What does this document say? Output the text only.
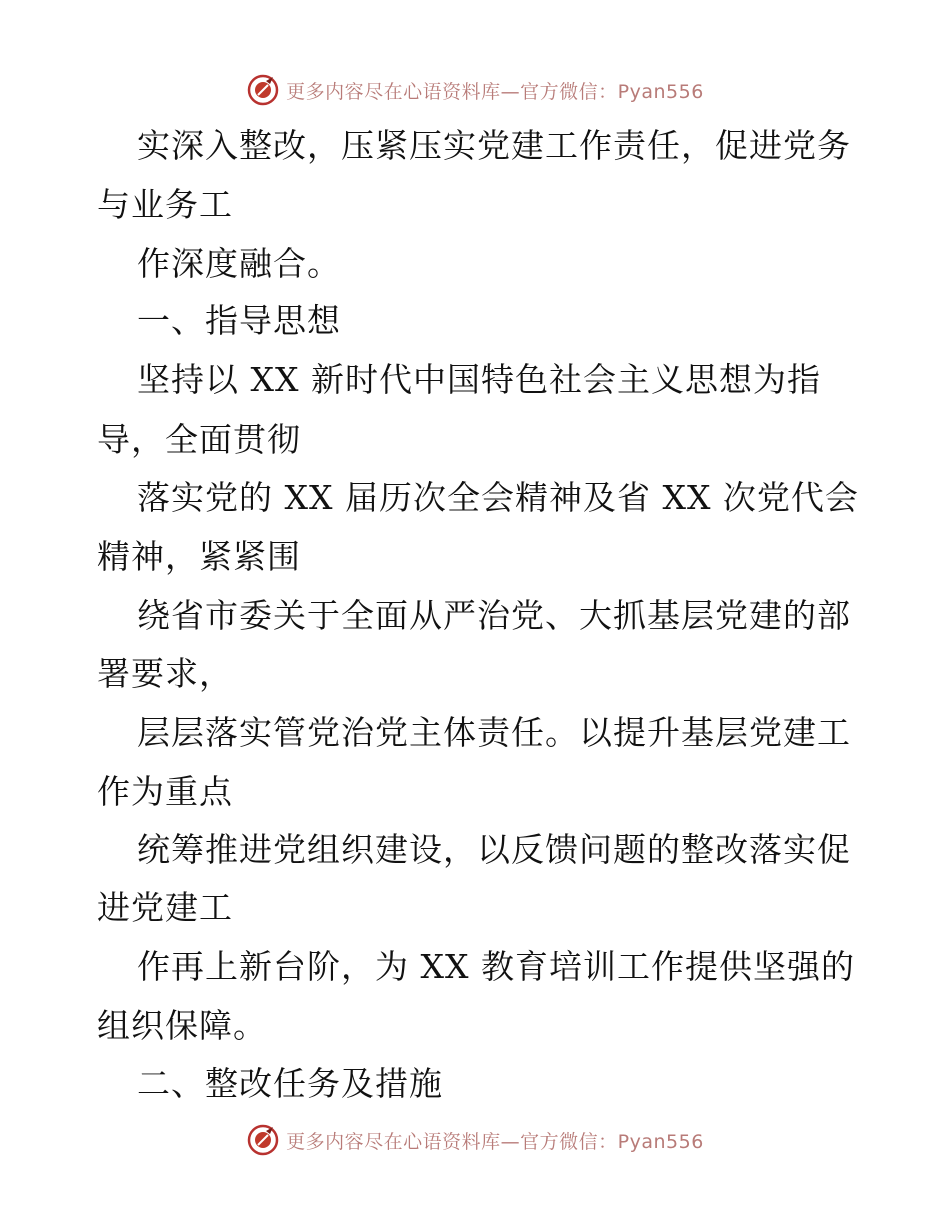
更多内容尽在心语资料库—官方微信：Pyan556
实深入整改，压紧压实党建工作责任，促进党务
与业务工
作深度融合。
一、指导思想
坚持以 XX 新时代中国特色社会主义思想为指
导，全面贯彻
落实党的 XX 届历次全会精神及省 XX 次党代会
精神，紧紧围
绕省市委关于全面从严治党、大抓基层党建的部
署要求，
层层落实管党治党主体责任。以提升基层党建工
作为重点
统筹推进党组织建设，以反馈问题的整改落实促
进党建工
作再上新台阶，为 XX 教育培训工作提供坚强的
组织保障。
二、整改任务及措施
更多内容尽在心语资料库—官方微信：Pyan556
